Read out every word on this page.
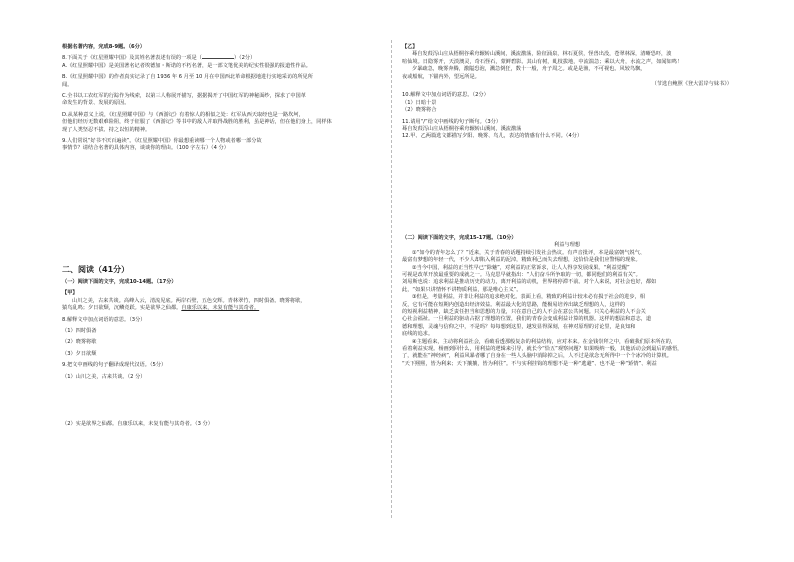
根据名著内容，完成8-9题。（6分）

8.下面关于《红星照耀中国》及其姓名著表述有误的一项是（	）（2分）

A.《红星照耀中国》是美国著名记者埃德加・斯诺的不朽名著，是一部文笔优美的纪实性很强的报道性作品。

B.《红星照耀中国》的作者真实记录了自 1936 年 6 月至 10 月在中国西北革命根据地进行实地采访的所见所

闻。

C.全书以工农红军的行踪作为线索，以第三人称展开描写，据据揭开了中国红军的神秘面纱，探求了中国革

命发生的背景、发展的原因。

D.从某种意义上说，《红星照耀中国》与《西游记》有着惊人的相似之处：红军从西天取经也是一路坎坷，

但他们经历无数艰难险阻，终于征服了《西游记》等书中的敌人并取得战胜的胜利，虽是神话，但在他们身上，同样体

现了人类坚忍不拔、持之以恒的精神。

9.人们常说“好书不厌百遍读”。《红星照耀中国》你最想重读哪一个人物或者哪一部分故

事情节？请结合名著的具体内容，谈谈你的理由。（100 字左右）（4 分）

二、阅读（41分）

（一）阅读下面的文字，完成10-14题。（17分）

【甲】

山川之美，古来共谈。高峰入云，清流见底。两岸石壁，五色交辉。青林翠竹，四时俱备。晓雾将歇，

猿鸟乱鸣；夕日欲颓，沉鳞竞跃。实是欲界之仙都。自康乐以来，未复有能与其奇者。

8.解释文中加点词语的意思。（3分）

（1）四时俱备

（2）晓雾将歇

（3）夕日欲颓

9.把文中画线的句子翻译成现代汉语。（5分）

（1）山川之美，古来共谈。（2 分）

（2）实是欲界之仙都。自康乐以来，未复有能与其奇者。（3 分）

【乙】

蓦自发葭泻山庄从梧桐谷乘舟辗转山溪间，溪流激荡，险征涌泉，林石夏侯，怪兽出没，苍翠林深，清晰恐吓，波

喧仙境。日隐雾开，天淡澳灵，奇石怪石，蒙鲜碧影。其山有树，虬枝拔地，中流湍急；乘以大舟，水流之声，如闻如鸣！

夕暴疏急，晚雾奔腾，激隘恐泡，溅急倒狂，数十一般，舟子周之。或是是渔，不可视也。风较鸟飘，

夜或船航，下锚内外，望远所是。

（节选自鲍照《登大雷岸与妹书》）

10.解释文中加点词语的意思。（2分）

（1）日暗十景

（2）晓雾将合

11.请用“/”给文中画线的句子断句。（3分）

蓦自发葭泻山庄从梧桐谷乘舟辗转山溪间，溪流激荡

12.甲、乙两篇选文都描写夕阳、晚雾、鸟儿，表达的情感有什么不同。（4分）

（二）阅读下面的文字，完成15-17题。（10分）

利益与理想

①“如今的青年怎么了？”近来，关于青春的话题持续引发社会热议。有声音批评，本是最富朝气锐气、

最富有梦想的年轻一代，不少人却陷入利益的泥淖，精致利己而失去理想，这恰恰是我们应警惕的现象。

②当今中国，利益的正当性早已“除魅”，对利益的正常诉求，让人人得享发展成果。“利益觉醒”

可视是改革开放最重要的成就之一。马克思早就指出：“人们奋斗所争取的一切，都同他们的利益有关”。

刘易斯也说：追求利益是推动历史的动力，离开利益的动机，世界将停滞不前。对个人来说，对社会也好，都如

此，“如果只讲情怀不讲物质利益，那是唯心主义”。

③但是，考量利益，并非让利益的追求绝对化。表面上看，精致的利益计较未必有损于社会的进步，相

反，它有可能在短期内创造出经济效益。利益最大化的思路，能极易培养出缺乏理想的人，这样的

的短视利益精神，缺乏责任担当和思想的力量，只在意自己的人不会在意公共问题。只关心利益的人不会关

心社会福祉。一旦利益的驱动占据了理想的位置，我们的青春会变成利益计算的机器。这样的想法和意志，道

德和理想，灵魂与信仰之中，不是吗？每每想到这里，越发显得深刻，在神对原理的讨论里，是良知和

底线的追求。

④主题看来，主动将利益社会，看破看透那般复杂的利益结构，应对本来。在金钱崇拜之中，看破我们原本所在的，

看着利益实现。杨画到回什么，用利益的逻辑来引导，就长今“恰五”观察问题？如果吸纳一般，其他活动会到最后的感悟，

了，就能在“神经病”，利益风暴者哪了自身在一些人头脑中消除掉之后，人不过是欲念无所得中一个个冰冷的计算机。

“天下熙熙，皆为利来；天下攘攘，皆为利往”。不与实利挂钩的理想不是一种“逃避”、也不是一种“矫情”、利益
